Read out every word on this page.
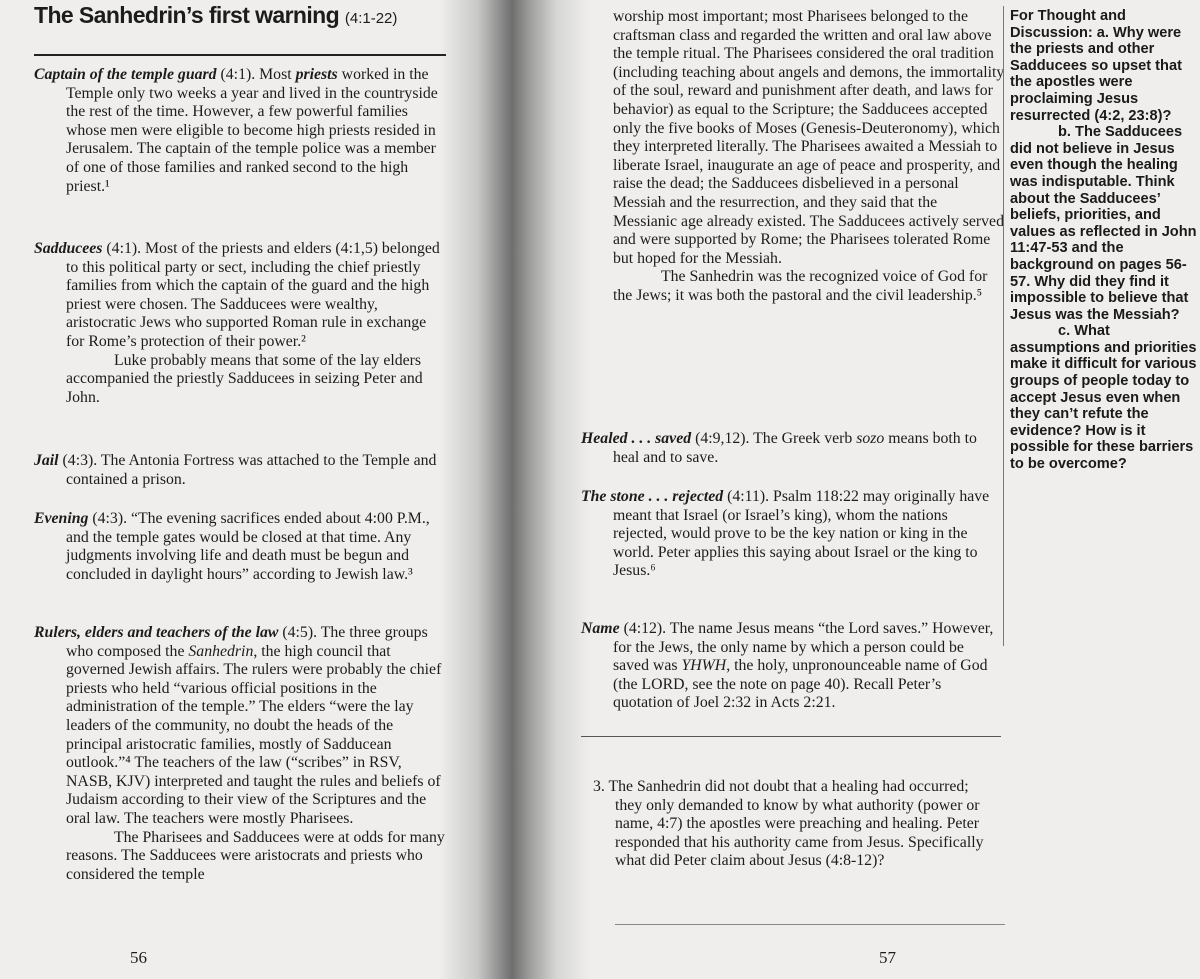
The Sanhedrin’s first warning (4:1-22)
Captain of the temple guard (4:1). Most priests worked in the Temple only two weeks a year and lived in the countryside the rest of the time. However, a few powerful families whose men were eligible to become high priests resided in Jerusalem. The captain of the temple police was a member of one of those families and ranked second to the high priest.¹

Sadducees (4:1). Most of the priests and elders (4:1,5) belonged to this political party or sect, including the chief priestly families from which the captain of the guard and the high priest were chosen. The Sadducees were wealthy, aristocratic Jews who supported Roman rule in exchange for Rome’s protection of their power.²

Luke probably means that some of the lay elders accompanied the priestly Sadducees in seizing Peter and John.

Jail (4:3). The Antonia Fortress was attached to the Temple and contained a prison.
Evening (4:3). “The evening sacrifices ended about 4:00 P.M., and the temple gates would be closed at that time. Any judgments involving life and death must be begun and concluded in daylight hours” according to Jewish law.³

Rulers, elders and teachers of the law (4:5). The three groups who composed the Sanhedrin, the high council that governed Jewish affairs. The rulers were probably the chief priests who held “various official positions in the administration of the temple.” The elders “were the lay leaders of the community, no doubt the heads of the principal aristocratic families, mostly of Sadducean outlook.”⁴ The teachers of the law (“scribes” in RSV, NASB, KJV) interpreted and taught the rules and beliefs of Judaism according to their view of the Scriptures and the oral law. The teachers were mostly Pharisees.

The Pharisees and Sadducees were at odds for many reasons. The Sadducees were aristocrats and priests who considered the temple

56

worship most important; most Pharisees belonged to the craftsman class and regarded the written and oral law above the temple ritual. The Pharisees considered the oral tradition (including teaching about angels and demons, the immortality of the soul, reward and punishment after death, and laws for behavior) as equal to the Scripture; the Sadducees accepted only the five books of Moses (Genesis-Deuteronomy), which they interpreted literally. The Pharisees awaited a Messiah to liberate Israel, inaugurate an age of peace and prosperity, and raise the dead; the Sadducees disbelieved in a personal Messiah and the resurrection, and they said that the Messianic age already existed. The Sadducees actively served and were supported by Rome; the Pharisees tolerated Rome but hoped for the Messiah.

The Sanhedrin was the recognized voice of God for the Jews; it was both the pastoral and the civil leadership.⁵

Healed . . . saved (4:9,12). The Greek verb sozo means both to heal and to save.
The stone . . . rejected (4:11). Psalm 118:22 may originally have meant that Israel (or Israel’s king), whom the nations rejected, would prove to be the key nation or king in the world. Peter applies this saying about Israel or the king to Jesus.⁶
Name (4:12). The name Jesus means “the Lord saves.” However, for the Jews, the only name by which a person could be saved was YHWH, the holy, unpronounceable name of God (the LORD, see the note on page 40). Recall Peter’s quotation of Joel 2:32 in Acts 2:21.
3. The Sanhedrin did not doubt that a healing had occurred; they only demanded to know by what authority (power or name, 4:7) the apostles were preaching and healing. Peter responded that his authority came from Jesus. Specifically what did Peter claim about Jesus (4:8-12)?
57

For Thought and Discussion: a. Why were the priests and other Sadducees so upset that the apostles were proclaiming Jesus resurrected (4:2, 23:8)?

b. The Sadducees did not believe in Jesus even though the healing was indisputable. Think about the Sadducees’ beliefs, priorities, and values as reflected in John 11:47-53 and the background on pages 56-57. Why did they find it impossible to believe that Jesus was the Messiah?

c. What assumptions and priorities make it difficult for various groups of people today to accept Jesus even when they can’t refute the evidence? How is it possible for these barriers to be overcome?
